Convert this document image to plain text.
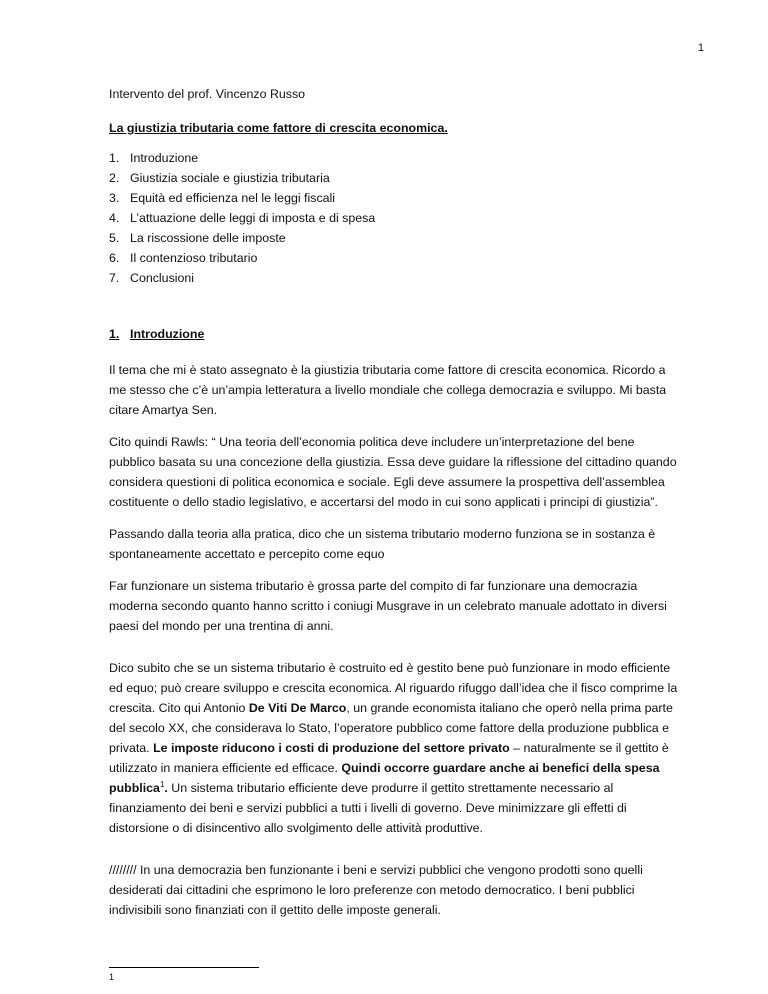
1

Intervento del prof. Vincenzo Russo

La giustizia tributaria come fattore di crescita economica.

1. Introduzione
2. Giustizia sociale e giustizia tributaria
3. Equità ed efficienza nel le leggi fiscali
4. L’attuazione delle leggi di imposta e di spesa
5. La riscossione delle imposte
6. Il contenzioso tributario
7. Conclusioni

1. Introduzione

Il tema che mi è stato assegnato è la giustizia tributaria come fattore di crescita economica. Ricordo a me stesso che c’è un’ampia letteratura a livello mondiale che collega democrazia e sviluppo. Mi basta citare Amartya Sen.

Cito quindi Rawls: “ Una teoria dell’economia politica deve includere un’interpretazione del bene pubblico basata su una concezione della giustizia. Essa deve guidare la riflessione del cittadino quando considera questioni di politica economica e sociale. Egli deve assumere la prospettiva dell’assemblea costituente o dello stadio legislativo, e accertarsi del modo in cui sono applicati i principi di giustizia”.

Passando dalla teoria alla pratica, dico che un sistema tributario moderno funziona se in sostanza è spontaneamente accettato e percepito come equo

Far funzionare un sistema tributario è grossa parte del compito di far funzionare una democrazia moderna secondo quanto hanno scritto i coniugi Musgrave in un celebrato manuale adottato in diversi paesi del mondo per una trentina di anni.

Dico subito che se un sistema tributario è costruito ed è gestito bene può funzionare in modo efficiente ed equo; può creare sviluppo e crescita economica. Al riguardo rifuggo dall’idea che il fisco comprime la crescita. Cito qui Antonio De Viti De Marco, un grande economista italiano che operò nella prima parte del secolo XX, che considerava lo Stato, l’operatore pubblico come fattore della produzione pubblica e privata. Le imposte riducono i costi di produzione del settore privato – naturalmente se il gettito è utilizzato in maniera efficiente ed efficace. Quindi occorre guardare anche ai benefici della spesa pubblica$^1$. Un sistema tributario efficiente deve produrre il gettito strettamente necessario al finanziamento dei beni e servizi pubblici a tutti i livelli di governo. Deve minimizzare gli effetti di distorsione o di disincentivo allo svolgimento delle attività produttive.

//////// In una democrazia ben funzionante i beni e servizi pubblici che vengono prodotti sono quelli desiderati dai cittadini che esprimono le loro preferenze con metodo democratico. I beni pubblici indivisibili sono finanziati con il gettito delle imposte generali.

1
